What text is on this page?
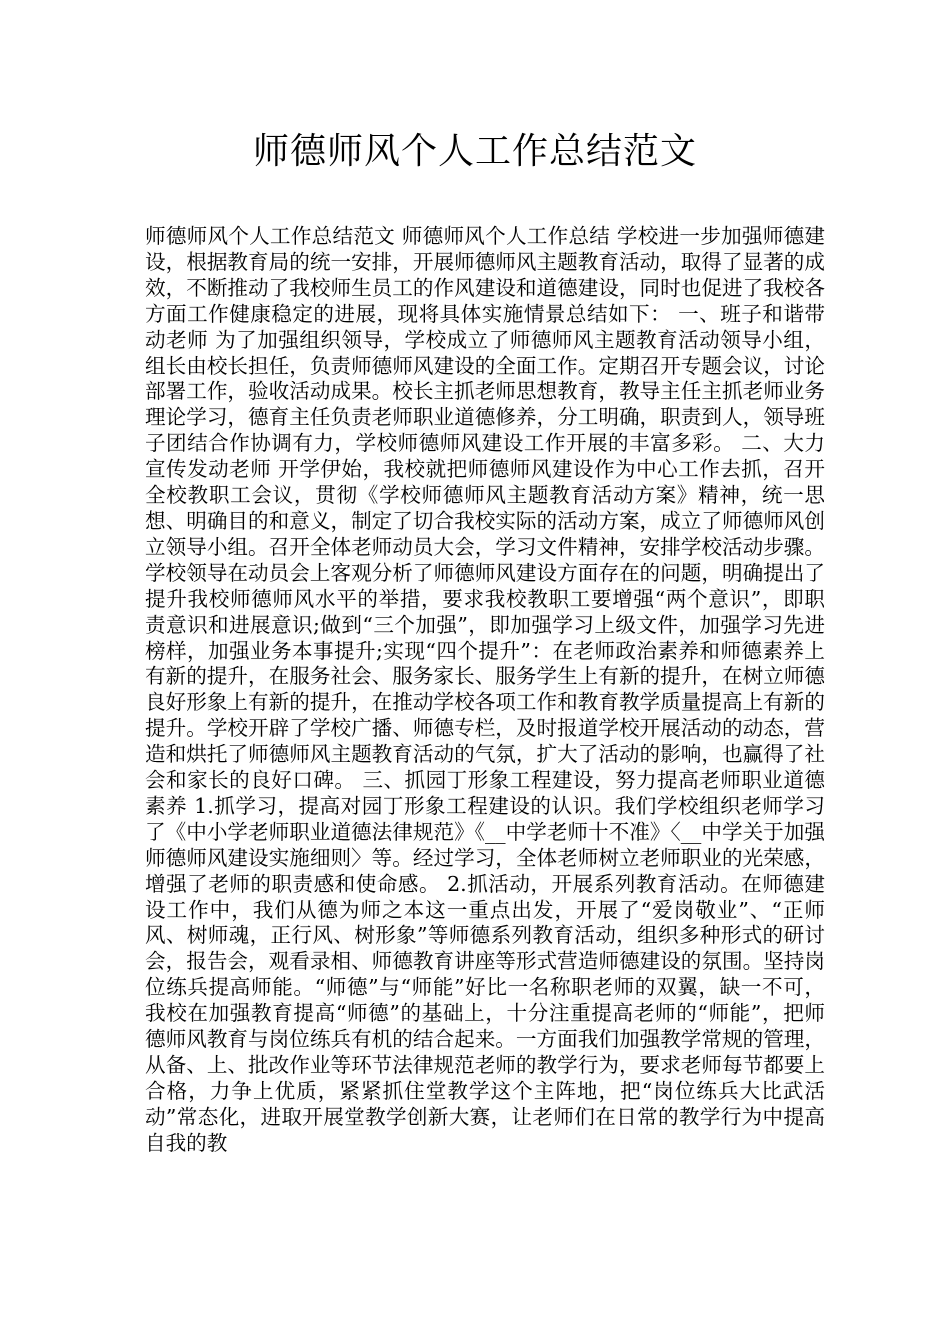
师德师风个人工作总结范文

师德师风个人工作总结范文 师德师风个人工作总结 学校进一步加强师德建设，根据教育局的统一安排，开展师德师风主题教育活动，取得了显著的成效，不断推动了我校师生员工的作风建设和道德建设，同时也促进了我校各方面工作健康稳定的进展，现将具体实施情景总结如下： 一、班子和谐带动老师 为了加强组织领导，学校成立了师德师风主题教育活动领导小组，组长由校长担任，负责师德师风建设的全面工作。定期召开专题会议，讨论部署工作，验收活动成果。校长主抓老师思想教育，教导主任主抓老师业务理论学习，德育主任负责老师职业道德修养，分工明确，职责到人，领导班子团结合作协调有力，学校师德师风建设工作开展的丰富多彩。 二、大力宣传发动老师 开学伊始，我校就把师德师风建设作为中心工作去抓，召开全校教职工会议，贯彻《学校师德师风主题教育活动方案》精神，统一思想、明确目的和意义，制定了切合我校实际的活动方案，成立了师德师风创立领导小组。召开全体老师动员大会，学习文件精神，安排学校活动步骤。学校领导在动员会上客观分析了师德师风建设方面存在的问题，明确提出了提升我校师德师风水平的举措，要求我校教职工要增强“两个意识”，即职责意识和进展意识;做到“三个加强”，即加强学习上级文件，加强学习先进榜样，加强业务本事提升;实现“四个提升”：在老师政治素养和师德素养上有新的提升，在服务社会、服务家长、服务学生上有新的提升，在树立师德良好形象上有新的提升，在推动学校各项工作和教育教学质量提高上有新的提升。学校开辟了学校广播、师德专栏，及时报道学校开展活动的动态，营造和烘托了师德师风主题教育活动的气氛，扩大了活动的影响，也赢得了社会和家长的良好口碑。 三、抓园丁形象工程建设，努力提高老师职业道德素养 1.抓学习，提高对园丁形象工程建设的认识。我们学校组织老师学习了《中小学老师职业道德法律规范》《__中学老师十不准》〈__中学关于加强师德师风建设实施细则〉等。经过学习，全体老师树立老师职业的光荣感，增强了老师的职责感和使命感。 2.抓活动，开展系列教育活动。在师德建设工作中，我们从德为师之本这一重点出发，开展了“爱岗敬业”、“正师风、树师魂，正行风、树形象”等师德系列教育活动，组织多种形式的研讨会，报告会，观看录相、师德教育讲座等形式营造师德建设的氛围。坚持岗位练兵提高师能。“师德”与“师能”好比一名称职老师的双翼，缺一不可，我校在加强教育提高“师德”的基础上，十分注重提高老师的“师能”，把师德师风教育与岗位练兵有机的结合起来。一方面我们加强教学常规的管理，从备、上、批改作业等环节法律规范老师的教学行为，要求老师每节都要上合格，力争上优质，紧紧抓住堂教学这个主阵地，把“岗位练兵大比武活动”常态化，进取开展堂教学创新大赛，让老师们在日常的教学行为中提高自我的教
